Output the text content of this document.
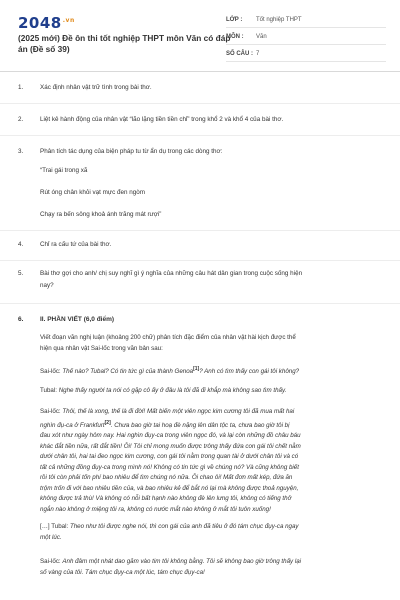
$2048^{.vn}$
(2025 mới) Đề ôn thi tốt nghiệp THPT môn Văn có đáp án (Đề số 39)
LỚP : Tốt nghiệp THPT
MÔN : Văn
SỐ CÂU : 7
1.	Xác định nhân vật trữ tình trong bài thơ.
2.	Liệt kê hành động của nhân vật “lão lặng tiền tiền chỉ” trong khổ 2 và khổ 4 của bài thơ.
3.	Phân tích tác dụng của biện pháp tu từ ẩn dụ trong các dòng thơ:
“Trai gái trong xã
Rút óng chân khỏi vạt mực đen ngòm
Chạy ra bến sông khoả ánh trăng mát rượi”
4.	Chỉ ra cấu tứ của bài thơ.
5.	Bài thơ gợi cho anh/ chị suy nghĩ gì ý nghĩa của những câu hát dân gian trong cuộc sống hiện
nay?
6.	II. PHẦN VIẾT (6,0 điểm)
Viết đoạn văn nghị luận (khoảng 200 chữ) phân tích đặc điểm của nhân vật hài kịch được thể
hiện qua nhân vật Sai-lốc trong văn bản sau:
Sai-lốc: Thế nào? Tubal? Có tin tức gì của thành Genoa[1]? Anh có tìm thấy con gái tôi không?
Tubal: Nghe thấy người ta nói có gặp cô ấy ở đâu là tôi đã đi khắp mà không sao tìm thấy.
Sai-lốc: Thôi, thế là xong, thế là đi đời! Mất biến một viên ngọc kim cương tôi đã mua mất hai
nghìn đụ-ca ở Frankfurt[2]. Chưa bao giờ tai hoạ đè nặng lên dân tộc ta, chưa bao giờ tôi bị
đau xót như ngày hôm nay. Hai nghìn đụy-ca trong viên ngọc đó, và lại còn những đồ châu báu
khác đắt tiền nữa, rất đắt tiền! Ôi! Tôi chỉ mong muốn được trông thấy đứa con gái tôi chết nằm
dưới chân tôi, hai tai đeo ngọc kim cương, con gái tôi nằm trong quan tài ở dưới chân tôi và có
tất cả những đồng đụy-ca trong mình nó! Không có tin tức gì về chúng nó? Và cũng không biết
rồi tôi còn phải tốn phí bao nhiêu để tìm chúng nó nữa. Ôi chao ôi! Mất đơn mất kép, đứa ăn
trộm trốn đi với bao nhiêu tiền của, và bao nhiêu kẻ để bắt nó lại mà không được thoả nguyện,
không được trả thù! Và không có nỗi bất hạnh nào không đè lên lưng tôi, không có tiếng thở
ngắn nào không ở miệng tôi ra, không có nước mắt nào không ở mắt tôi tuôn xuống!
[…] Tubal: Theo như tôi được nghe nói, thì con gái của anh đã tiêu ở đó tám chục đụy-ca ngay
một lúc.
Sai-lốc: Anh đâm một nhát dao găm vào tim tôi không bằng. Tôi sẽ không bao giờ trông thấy lại
số vàng của tôi. Tám chục đụy-ca một lúc, tám chục đụy-ca!
